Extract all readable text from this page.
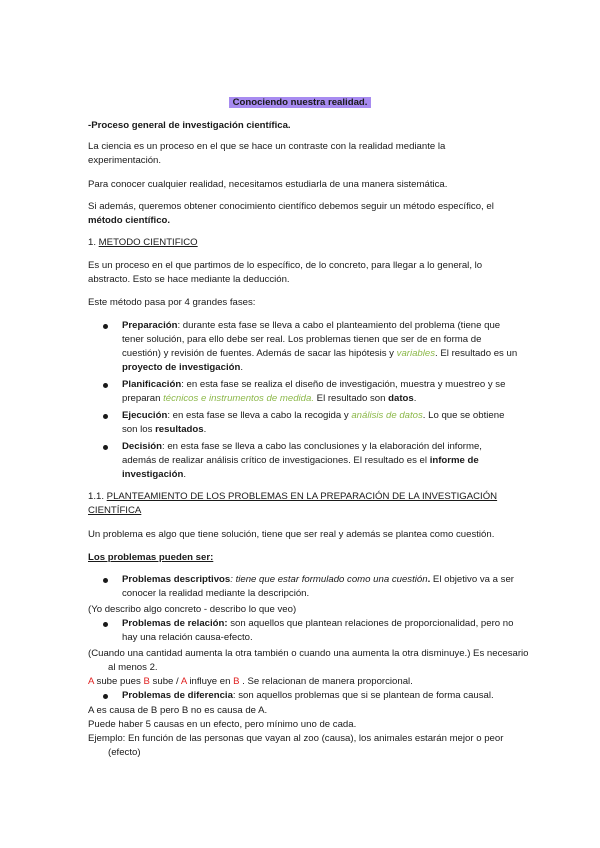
Conociendo nuestra realidad.

-Proceso general de investigación científica.

La ciencia es un proceso en el que se hace un contraste con la realidad mediante la experimentación.

Para conocer cualquier realidad, necesitamos estudiarla de una manera sistemática.

Si además, queremos obtener conocimiento científico debemos seguir un método específico, el método científico.

1. METODO CIENTIFICO

Es un proceso en el que partimos de lo específico, de lo concreto, para llegar a lo general, lo abstracto. Esto se hace mediante la deducción.

Este método pasa por 4 grandes fases:

Preparación: durante esta fase se lleva a cabo el planteamiento del problema (tiene que tener solución, para ello debe ser real. Los problemas tienen que ser de en forma de cuestión) y revisión de fuentes. Además de sacar las hipótesis y variables. El resultado es un proyecto de investigación.
Planificación: en esta fase se realiza el diseño de investigación, muestra y muestreo y se preparan técnicos e instrumentos de medida. El resultado son datos.
Ejecución: en esta fase se lleva a cabo la recogida y análisis de datos. Lo que se obtiene son los resultados.
Decisión: en esta fase se lleva a cabo las conclusiones y la elaboración del informe, además de realizar análisis crítico de investigaciones. El resultado es el informe de investigación.

1.1. PLANTEAMIENTO DE LOS PROBLEMAS EN LA PREPARACIÓN DE LA INVESTIGACIÓN CIENTÍFICA

Un problema es algo que tiene solución, tiene que ser real y además se plantea como cuestión.

Los problemas pueden ser:

Problemas descriptivos: tiene que estar formulado como una cuestión. El objetivo va a ser conocer la realidad mediante la descripción.

(Yo describo algo concreto - describo lo que veo)

Problemas de relación: son aquellos que plantean relaciones de proporcionalidad, pero no hay una relación causa-efecto.

(Cuando una cantidad aumenta la otra también o cuando una aumenta la otra disminuye.) Es necesario al menos 2.

A sube pues B sube / A influye en B . Se relacionan de manera proporcional.

Problemas de diferencia: son aquellos problemas que si se plantean de forma causal.

A es causa de B pero B no es causa de A.

Puede haber 5 causas en un efecto, pero mínimo uno de cada.

Ejemplo: En función de las personas que vayan al zoo (causa), los animales estarán mejor o peor (efecto)
